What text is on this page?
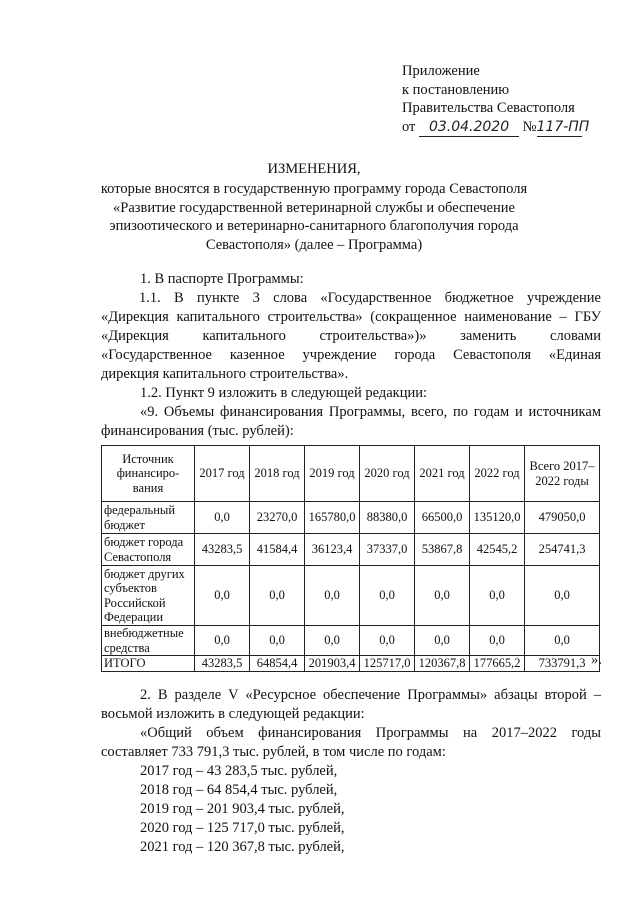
Приложение
к постановлению
Правительства Севастополя
от 03.04.2020 №117-ПП
ИЗМЕНЕНИЯ,
которые вносятся в государственную программу города Севастополя «Развитие государственной ветеринарной службы и обеспечение эпизоотического и ветеринарно-санитарного благополучия города Севастополя» (далее – Программа)
1. В паспорте Программы:
1.1. В пункте 3 слова «Государственное бюджетное учреждение
«Дирекция капитального строительства» (сокращенное наименование – ГБУ
«Дирекция капитального строительства»)» заменить словами
«Государственное казенное учреждение города Севастополя «Единая
дирекция капитального строительства».
1.2. Пункт 9 изложить в следующей редакции:
«9. Объемы финансирования Программы, всего, по годам и источникам
финансирования (тыс. рублей):
Источник финансиро-вания	2017 год	2018 год	2019 год	2020 год	2021 год	2022 год	Всего 2017–2022 годы
федеральный бюджет	0,0	23270,0	165780,0	88380,0	66500,0	135120,0	479050,0
бюджет города Севастополя	43283,5	41584,4	36123,4	37337,0	53867,8	42545,2	254741,3
бюджет других субъектов Российской Федерации	0,0	0,0	0,0	0,0	0,0	0,0	0,0
внебюджетные средства	0,0	0,0	0,0	0,0	0,0	0,0	0,0
ИТОГО	43283,5	64854,4	201903,4	125717,0	120367,8	177665,2	733791,3 ».
2. В разделе V «Ресурсное обеспечение Программы» абзацы второй –
восьмой изложить в следующей редакции:
«Общий объем финансирования Программы на 2017–2022 годы
составляет 733 791,3 тыс. рублей, в том числе по годам:
2017 год – 43 283,5 тыс. рублей,
2018 год – 64 854,4 тыс. рублей,
2019 год – 201 903,4 тыс. рублей,
2020 год – 125 717,0 тыс. рублей,
2021 год – 120 367,8 тыс. рублей,
